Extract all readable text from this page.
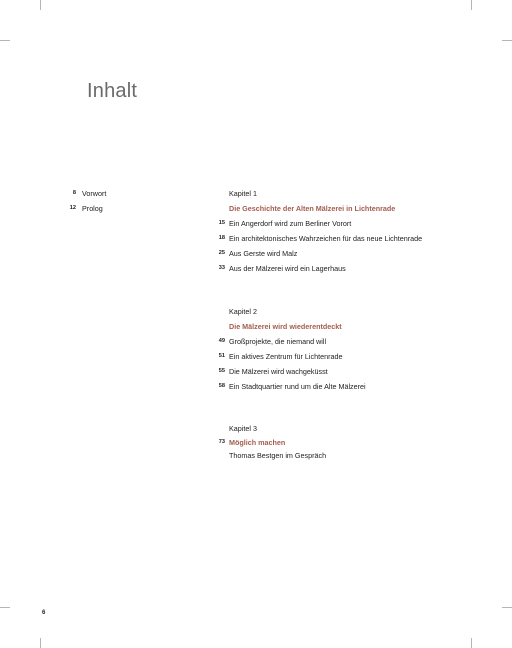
Inhalt
8 Vorwort
12 Prolog
Kapitel 1
Die Geschichte der Alten Mälzerei in Lichtenrade
15 Ein Angerdorf wird zum Berliner Vorort
18 Ein architektonisches Wahrzeichen für das neue Lichtenrade
25 Aus Gerste wird Malz
33 Aus der Mälzerei wird ein Lagerhaus
Kapitel 2
Die Mälzerei wird wiederentdeckt
49 Großprojekte, die niemand will
51 Ein aktives Zentrum für Lichtenrade
55 Die Mälzerei wird wachgeküsst
58 Ein Stadtquartier rund um die Alte Mälzerei
Kapitel 3
73 Möglich machen
Thomas Bestgen im Gespräch
6
